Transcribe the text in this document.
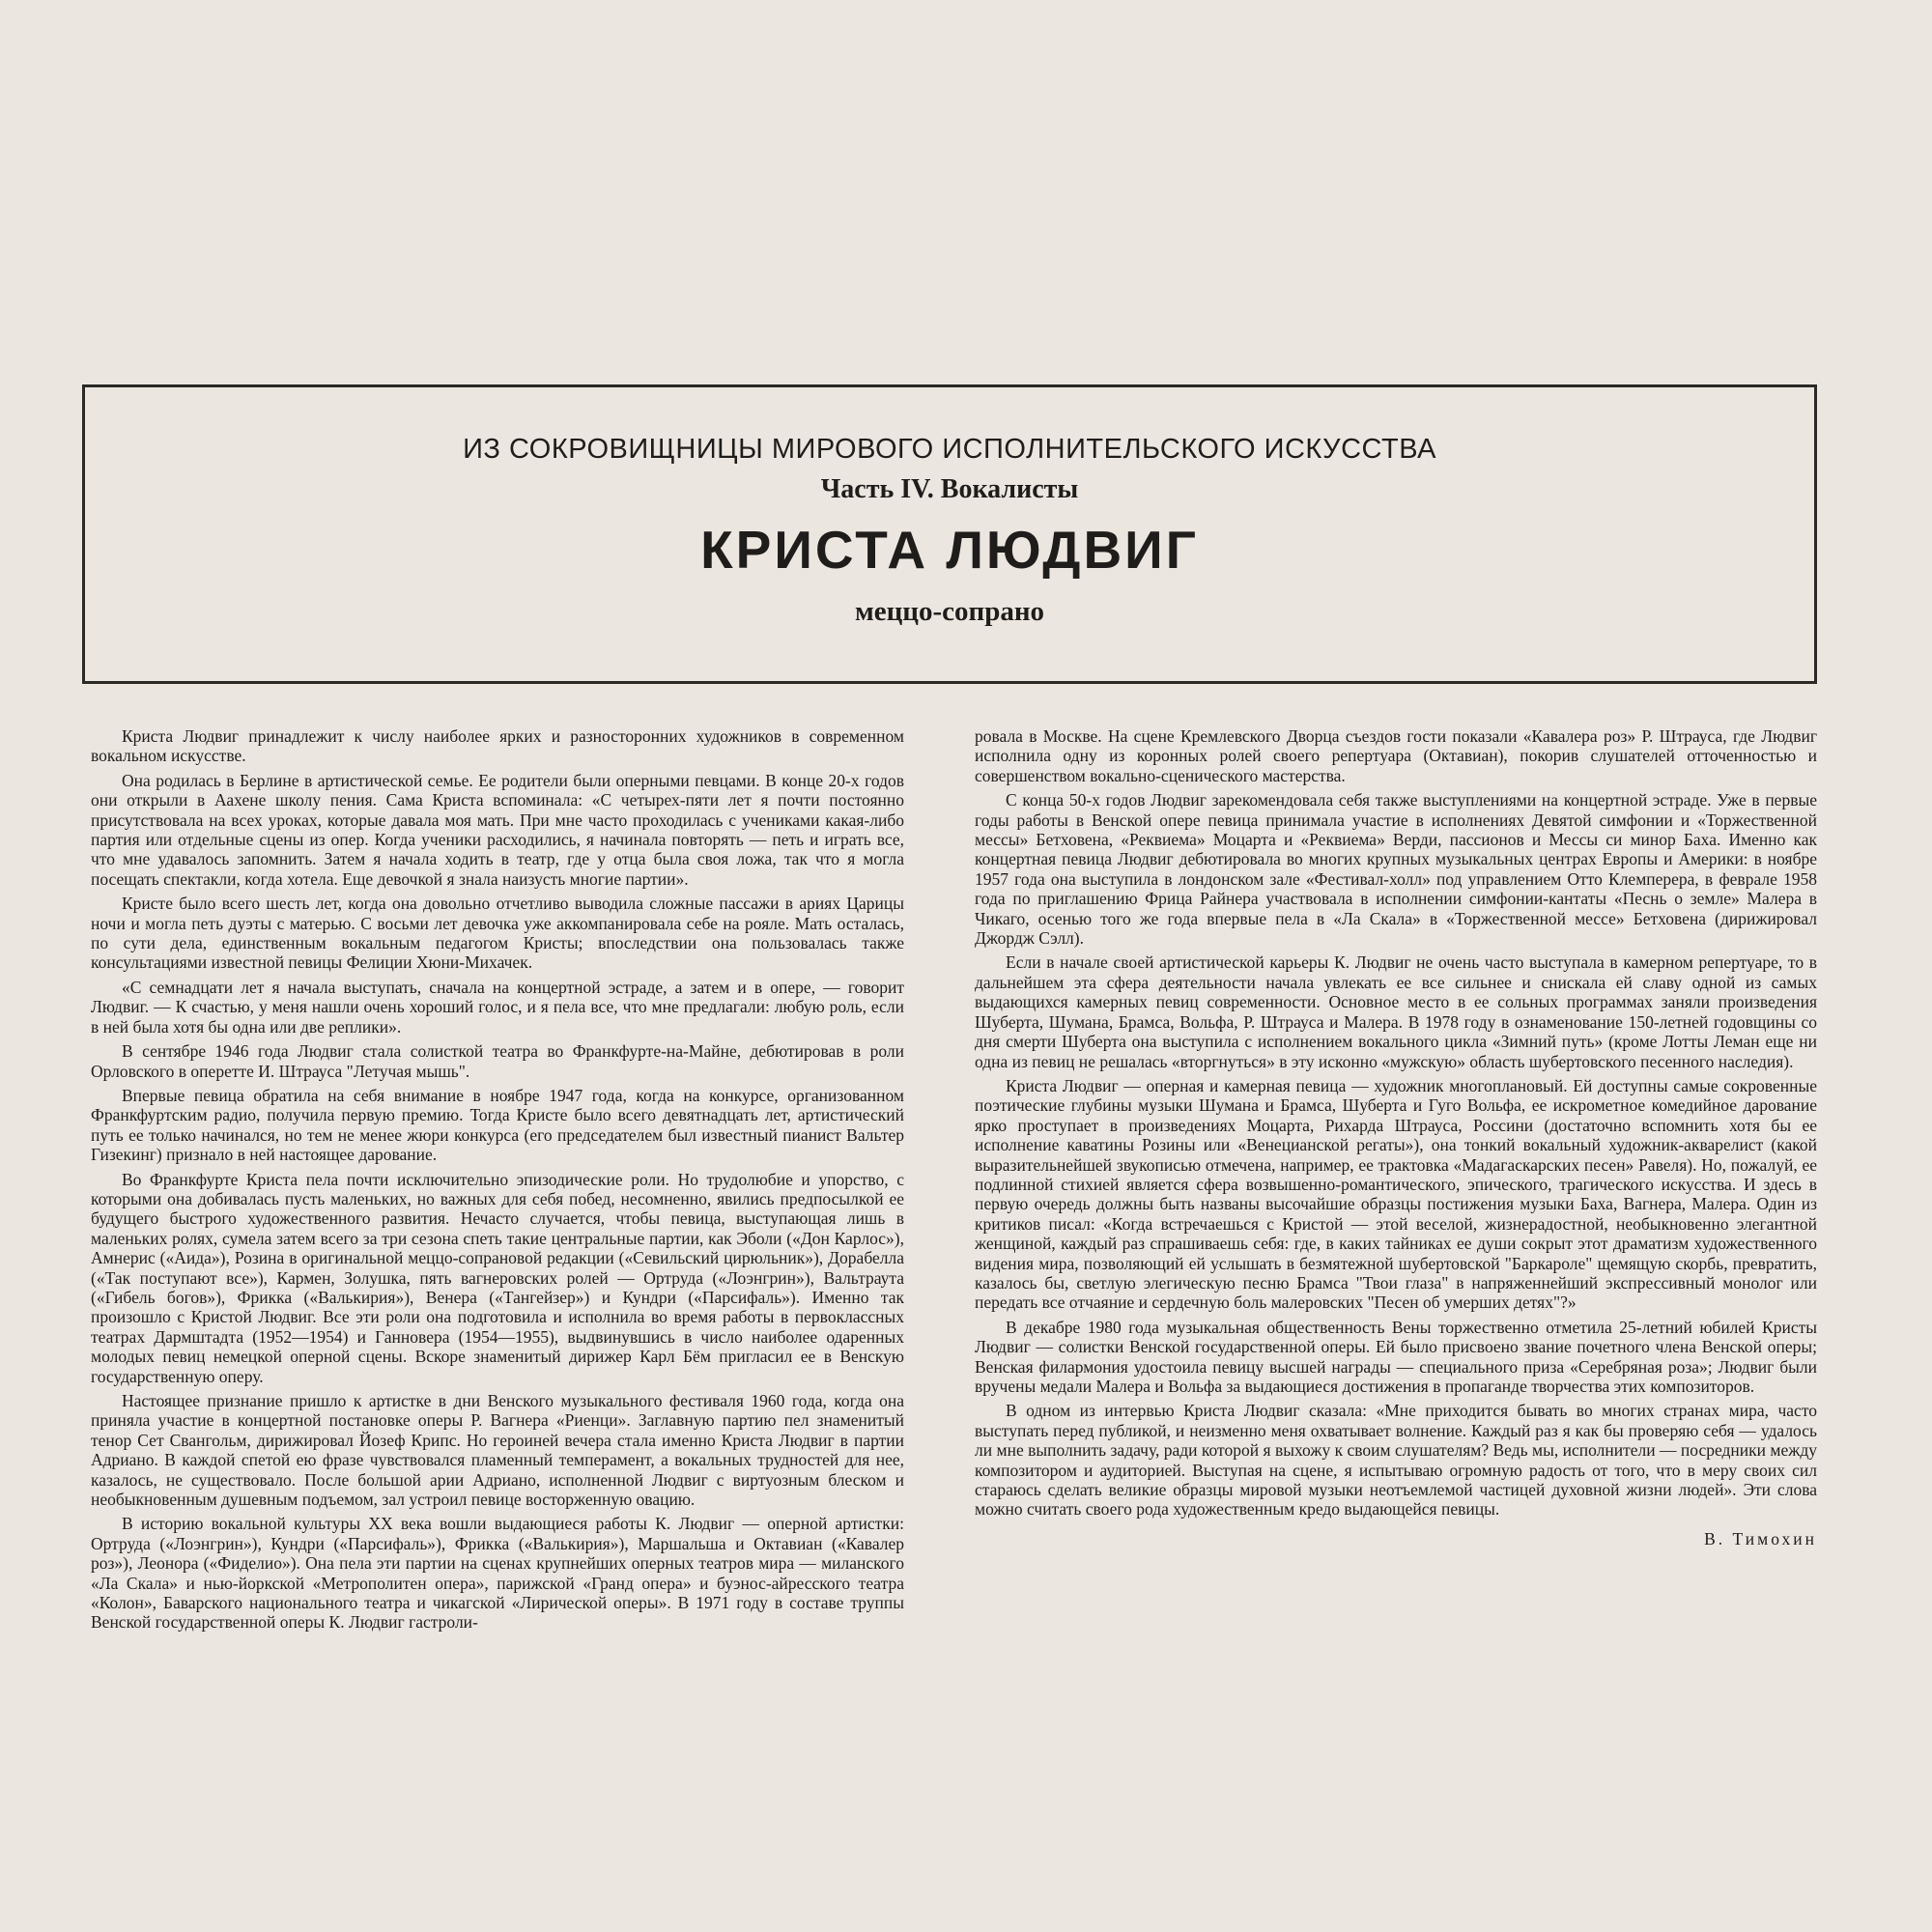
ИЗ СОКРОВИЩНИЦЫ МИРОВОГО ИСПОЛНИТЕЛЬСКОГО ИСКУССТВА
Часть IV. Вокалисты
КРИСТА ЛЮДВИГ
меццо-сопрано

Криста Людвиг принадлежит к числу наиболее ярких и разносторонних художников в современном вокальном искусстве.

Она родилась в Берлине в артистической семье. Ее родители были оперными певцами. В конце 20-х годов они открыли в Аахене школу пения. Сама Криста вспоминала: «С четырех-пяти лет я почти постоянно присутствовала на всех уроках, которые давала моя мать. При мне часто проходилась с учениками какая-либо партия или отдельные сцены из опер. Когда ученики расходились, я начинала повторять — петь и играть все, что мне удавалось запомнить. Затем я начала ходить в театр, где у отца была своя ложа, так что я могла посещать спектакли, когда хотела. Еще девочкой я знала наизусть многие партии».

Кристе было всего шесть лет, когда она довольно отчетливо выводила сложные пассажи в ариях Царицы ночи и могла петь дуэты с матерью. С восьми лет девочка уже аккомпанировала себе на рояле. Мать осталась, по сути дела, единственным вокальным педагогом Кристы; впоследствии она пользовалась также консультациями известной певицы Фелиции Хюни-Михачек.

«С семнадцати лет я начала выступать, сначала на концертной эстраде, а затем и в опере, — говорит Людвиг. — К счастью, у меня нашли очень хороший голос, и я пела все, что мне предлагали: любую роль, если в ней была хотя бы одна или две реплики».

В сентябре 1946 года Людвиг стала солисткой театра во Франкфурте-на-Майне, дебютировав в роли Орловского в оперетте И. Штрауса "Летучая мышь".

Впервые певица обратила на себя внимание в ноябре 1947 года, когда на конкурсе, организованном Франкфуртским радио, получила первую премию. Тогда Кристе было всего девятнадцать лет, артистический путь ее только начинался, но тем не менее жюри конкурса (его председателем был известный пианист Вальтер Гизекинг) признало в ней настоящее дарование.

Во Франкфурте Криста пела почти исключительно эпизодические роли. Но трудолюбие и упорство, с которыми она добивалась пусть маленьких, но важных для себя побед, несомненно, явились предпосылкой ее будущего быстрого художественного развития. Нечасто случается, чтобы певица, выступающая лишь в маленьких ролях, сумела затем всего за три сезона спеть такие центральные партии, как Эболи («Дон Карлос»), Амнерис («Аида»), Розина в оригинальной меццо-сопрановой редакции («Севильский цирюльник»), Дорабелла («Так поступают все»), Кармен, Золушка, пять вагнеровских ролей — Ортруда («Лоэнгрин»), Вальтраута («Гибель богов»), Фрикка («Валькирия»), Венера («Тангейзер») и Кундри («Парсифаль»). Именно так произошло с Кристой Людвиг. Все эти роли она подготовила и исполнила во время работы в первоклассных театрах Дармштадта (1952—1954) и Ганновера (1954—1955), выдвинувшись в число наиболее одаренных молодых певиц немецкой оперной сцены. Вскоре знаменитый дирижер Карл Бём пригласил ее в Венскую государственную оперу.

Настоящее признание пришло к артистке в дни Венского музыкального фестиваля 1960 года, когда она приняла участие в концертной постановке оперы Р. Вагнера «Риенци». Заглавную партию пел знаменитый тенор Сет Свангольм, дирижировал Йозеф Крипс. Но героиней вечера стала именно Криста Людвиг в партии Адриано. В каждой спетой ею фразе чувствовался пламенный темперамент, а вокальных трудностей для нее, казалось, не существовало. После большой арии Адриано, исполненной Людвиг с виртуозным блеском и необыкновенным душевным подъемом, зал устроил певице восторженную овацию.

В историю вокальной культуры XX века вошли выдающиеся работы К. Людвиг — оперной артистки: Ортруда («Лоэнгрин»), Кундри («Парсифаль»), Фрикка («Валькирия»), Маршальша и Октавиан («Кавалер роз»), Леонора («Фиделио»). Она пела эти партии на сценах крупнейших оперных театров мира — миланского «Ла Скала» и нью-йоркской «Метрополитен опера», парижской «Гранд опера» и буэнос-айресского театра «Колон», Баварского национального театра и чикагской «Лирической оперы». В 1971 году в составе труппы Венской государственной оперы К. Людвиг гастроли-

ровала в Москве. На сцене Кремлевского Дворца съездов гости показали «Кавалера роз» Р. Штрауса, где Людвиг исполнила одну из коронных ролей своего репертуара (Октавиан), покорив слушателей отточенностью и совершенством вокально-сценического мастерства.

С конца 50-х годов Людвиг зарекомендовала себя также выступлениями на концертной эстраде. Уже в первые годы работы в Венской опере певица принимала участие в исполнениях Девятой симфонии и «Торжественной мессы» Бетховена, «Реквиема» Моцарта и «Реквиема» Верди, пассионов и Мессы си минор Баха. Именно как концертная певица Людвиг дебютировала во многих крупных музыкальных центрах Европы и Америки: в ноябре 1957 года она выступила в лондонском зале «Фестивал-холл» под управлением Отто Клемперера, в феврале 1958 года по приглашению Фрица Райнера участвовала в исполнении симфонии-кантаты «Песнь о земле» Малера в Чикаго, осенью того же года впервые пела в «Ла Скала» в «Торжественной мессе» Бетховена (дирижировал Джордж Сэлл).

Если в начале своей артистической карьеры К. Людвиг не очень часто выступала в камерном репертуаре, то в дальнейшем эта сфера деятельности начала увлекать ее все сильнее и снискала ей славу одной из самых выдающихся камерных певиц современности. Основное место в ее сольных программах заняли произведения Шуберта, Шумана, Брамса, Вольфа, Р. Штрауса и Малера. В 1978 году в ознаменование 150-летней годовщины со дня смерти Шуберта она выступила с исполнением вокального цикла «Зимний путь» (кроме Лотты Леман еще ни одна из певиц не решалась «вторгнуться» в эту исконно «мужскую» область шубертовского песенного наследия).

Криста Людвиг — оперная и камерная певица — художник многоплановый. Ей доступны самые сокровенные поэтические глубины музыки Шумана и Брамса, Шуберта и Гуго Вольфа, ее искрометное комедийное дарование ярко проступает в произведениях Моцарта, Рихарда Штрауса, Россини (достаточно вспомнить хотя бы ее исполнение каватины Розины или «Венецианской регаты»), она тонкий вокальный художник-акварелист (какой выразительнейшей звукописью отмечена, например, ее трактовка «Мадагаскарских песен» Равеля). Но, пожалуй, ее подлинной стихией является сфера возвышенно-романтического, эпического, трагического искусства. И здесь в первую очередь должны быть названы высочайшие образцы постижения музыки Баха, Вагнера, Малера. Один из критиков писал: «Когда встречаешься с Кристой — этой веселой, жизнерадостной, необыкновенно элегантной женщиной, каждый раз спрашиваешь себя: где, в каких тайниках ее души сокрыт этот драматизм художественного видения мира, позволяющий ей услышать в безмятежной шубертовской "Баркароле" щемящую скорбь, превратить, казалось бы, светлую элегическую песню Брамса "Твои глаза" в напряженнейший экспрессивный монолог или передать все отчаяние и сердечную боль малеровских "Песен об умерших детях"?»

В декабре 1980 года музыкальная общественность Вены торжественно отметила 25-летний юбилей Кристы Людвиг — солистки Венской государственной оперы. Ей было присвоено звание почетного члена Венской оперы; Венская филармония удостоила певицу высшей награды — специального приза «Серебряная роза»; Людвиг были вручены медали Малера и Вольфа за выдающиеся достижения в пропаганде творчества этих композиторов.

В одном из интервью Криста Людвиг сказала: «Мне приходится бывать во многих странах мира, часто выступать перед публикой, и неизменно меня охватывает волнение. Каждый раз я как бы проверяю себя — удалось ли мне выполнить задачу, ради которой я выхожу к своим слушателям? Ведь мы, исполнители — посредники между композитором и аудиторией. Выступая на сцене, я испытываю огромную радость от того, что в меру своих сил стараюсь сделать великие образцы мировой музыки неотъемлемой частицей духовной жизни людей». Эти слова можно считать своего рода художественным кредо выдающейся певицы.

В. Тимохин
